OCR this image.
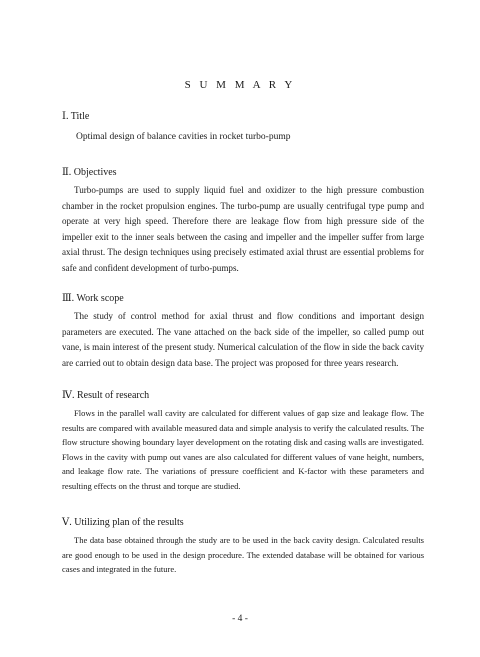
S U M M A R Y
Ⅰ. Title
Optimal design of balance cavities in rocket turbo-pump
Ⅱ. Objectives

Turbo-pumps are used to supply liquid fuel and oxidizer to the high pressure combustion chamber in the rocket propulsion engines. The turbo-pump are usually centrifugal type pump and operate at very high speed. Therefore there are leakage flow from high pressure side of the impeller exit to the inner seals between the casing and impeller and the impeller suffer from large axial thrust. The design techniques using precisely estimated axial thrust are essential problems for safe and confident development of turbo-pumps.

Ⅲ. Work scope

The study of control method for axial thrust and flow conditions and important design parameters are executed. The vane attached on the back side of the impeller, so called pump out vane, is main interest of the present study. Numerical calculation of the flow in side the back cavity are carried out to obtain design data base. The project was proposed for three years research.

Ⅳ. Result of research

Flows in the parallel wall cavity are calculated for different values of gap size and leakage flow. The results are compared with available measured data and simple analysis to verify the calculated results. The flow structure showing boundary layer development on the rotating disk and casing walls are investigated.

Flows in the cavity with pump out vanes are also calculated for different values of vane height, numbers, and leakage flow rate. The variations of pressure coefficient and K-factor with these parameters and resulting effects on the thrust and torque are studied.

Ⅴ. Utilizing plan of the results

The data base obtained through the study are to be used in the back cavity design. Calculated results are good enough to be used in the design procedure. The extended database will be obtained for various cases and integrated in the future.

- 4 -
